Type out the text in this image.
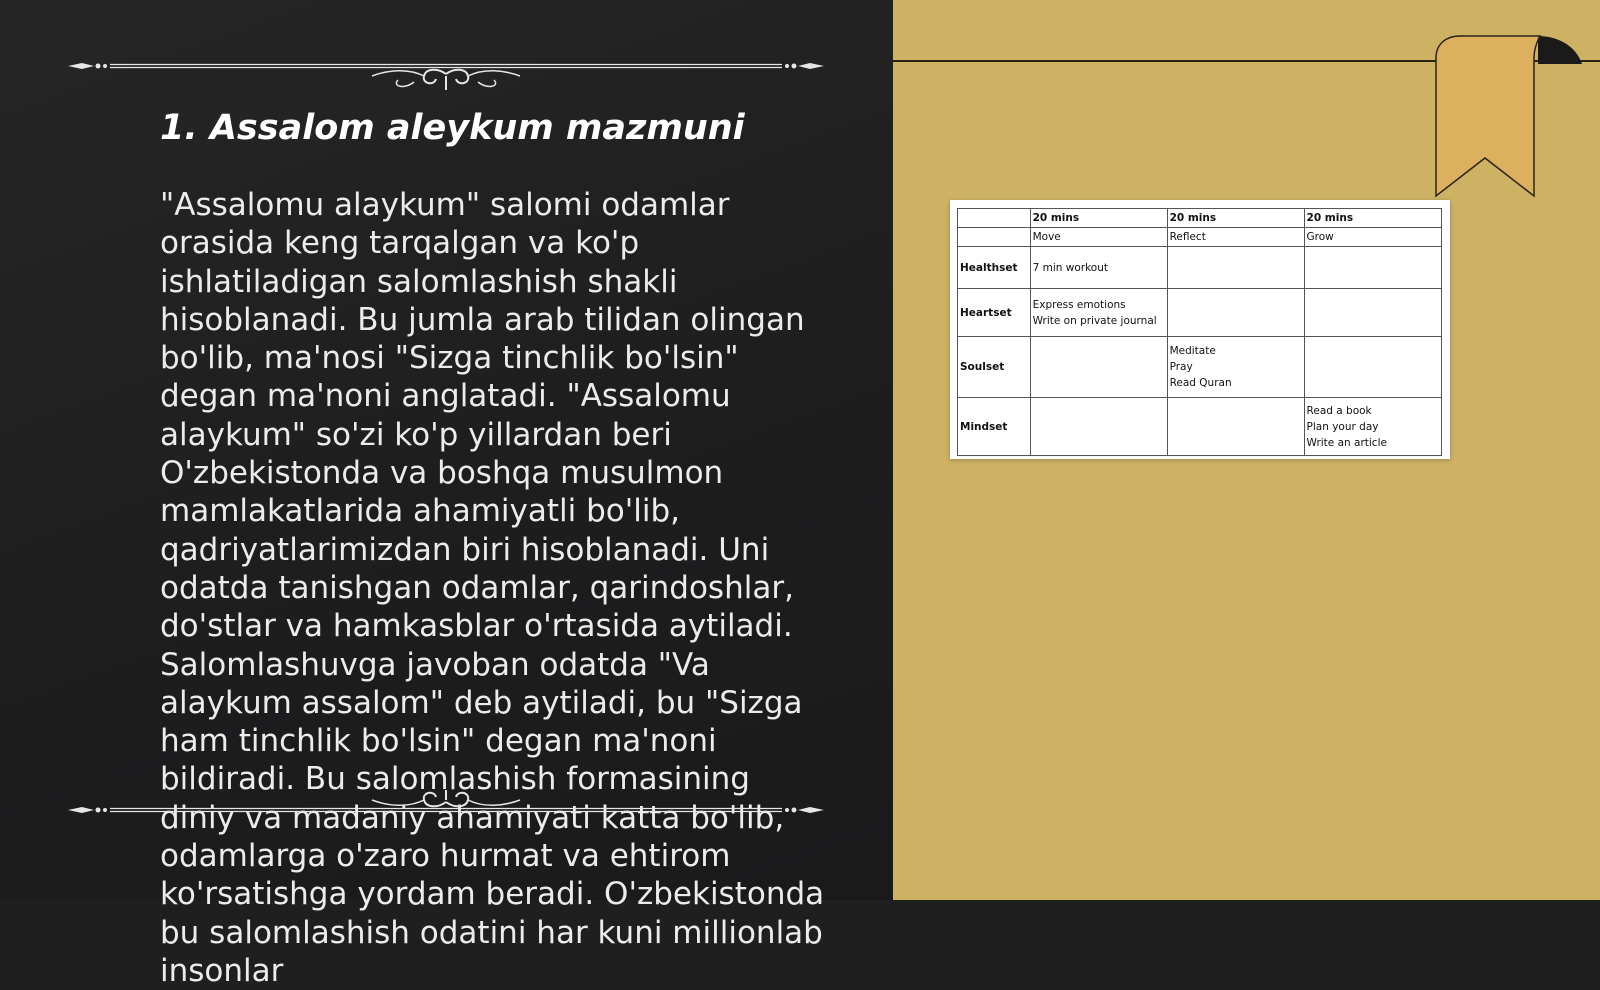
1. Assalom aleykum mazmuni

"Assalomu alaykum" salomi odamlar orasida keng tarqalgan va ko'p ishlatiladigan salomlashish shakli hisoblanadi. Bu jumla arab tilidan olingan bo'lib, ma'nosi "Sizga tinchlik bo'lsin" degan ma'noni anglatadi. "Assalomu alaykum" so'zi ko'p yillardan beri O'zbekistonda va boshqa musulmon mamlakatlarida ahamiyatli bo'lib, qadriyatlarimizdan biri hisoblanadi. Uni odatda tanishgan odamlar, qarindoshlar, do'stlar va hamkasblar o'rtasida aytiladi. Salomlashuvga javoban odatda "Va alaykum assalom" deb aytiladi, bu "Sizga ham tinchlik bo'lsin" degan ma'noni bildiradi. Bu salomlashish formasining diniy va madaniy ahamiyati katta bo'lib, odamlarga o'zaro hurmat va ehtirom ko'rsatishga yordam beradi. O'zbekistonda bu salomlashish odatini har kuni millionlab insonlar

	20 mins	20 mins	20 mins
	Move	Reflect	Grow
Healthset	7 min workout		
Heartset	Express emotions
Write on private journal		
Soulset		Meditate
Pray
Read Quran	
Mindset			Read a book
Plan your day
Write an article
